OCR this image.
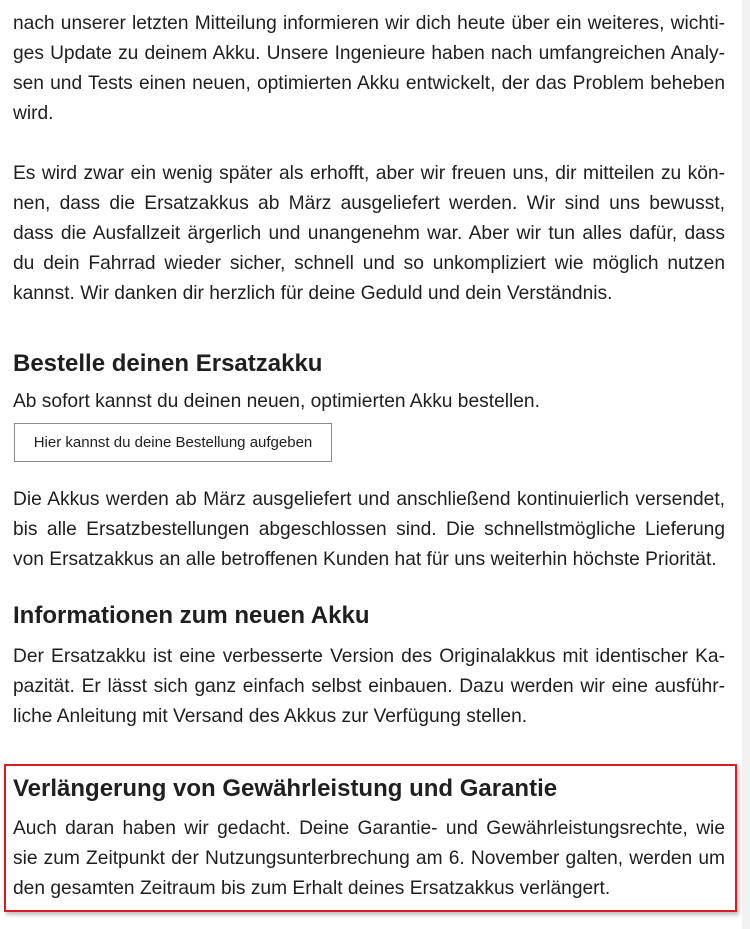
nach unserer letzten Mitteilung informieren wir dich heute über ein weiteres, wichtiges Update zu deinem Akku. Unsere Ingenieure haben nach umfangreichen Analysen und Tests einen neuen, optimierten Akku entwickelt, der das Problem beheben wird.

Es wird zwar ein wenig später als erhofft, aber wir freuen uns, dir mitteilen zu können, dass die Ersatzakkus ab März ausgeliefert werden. Wir sind uns bewusst, dass die Ausfallzeit ärgerlich und unangenehm war. Aber wir tun alles dafür, dass du dein Fahrrad wieder sicher, schnell und so unkompliziert wie möglich nutzen kannst. Wir danken dir herzlich für deine Geduld und dein Verständnis.

Bestelle deinen Ersatzakku

Ab sofort kannst du deinen neuen, optimierten Akku bestellen.

Hier kannst du deine Bestellung aufgeben

Die Akkus werden ab März ausgeliefert und anschließend kontinuierlich versendet, bis alle Ersatzbestellungen abgeschlossen sind. Die schnellstmögliche Lieferung von Ersatzakkus an alle betroffenen Kunden hat für uns weiterhin höchste Priorität.

Informationen zum neuen Akku

Der Ersatzakku ist eine verbesserte Version des Originalakkus mit identischer Kapazität. Er lässt sich ganz einfach selbst einbauen. Dazu werden wir eine ausführliche Anleitung mit Versand des Akkus zur Verfügung stellen.

Verlängerung von Gewährleistung und Garantie

Auch daran haben wir gedacht. Deine Garantie- und Gewährleistungsrechte, wie sie zum Zeitpunkt der Nutzungsunterbrechung am 6. November galten, werden um den gesamten Zeitraum bis zum Erhalt deines Ersatzakkus verlängert.
